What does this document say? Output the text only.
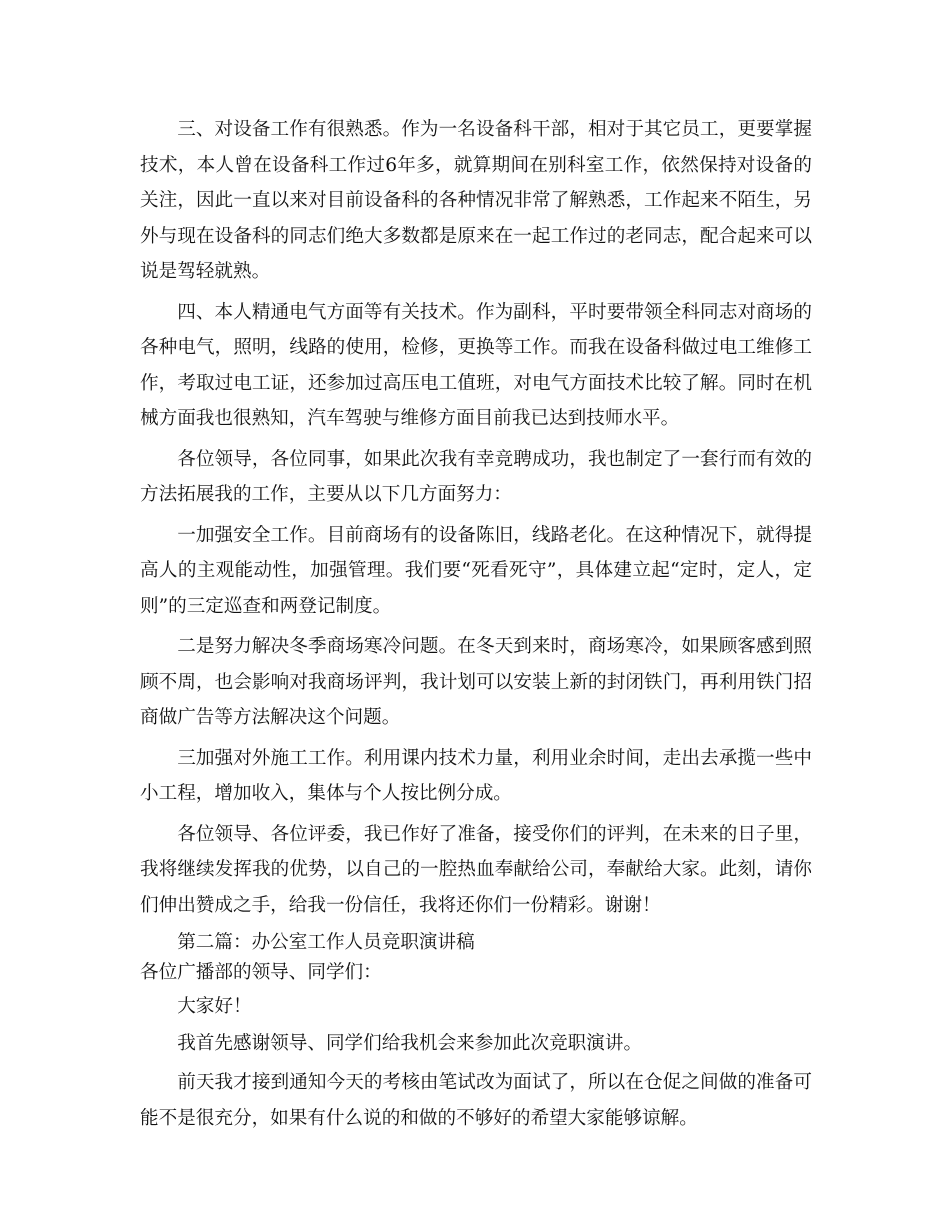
三、对设备工作有很熟悉。作为一名设备科干部，相对于其它员工，更要掌握技术，本人曾在设备科工作过6年多，就算期间在别科室工作，依然保持对设备的关注，因此一直以来对目前设备科的各种情况非常了解熟悉，工作起来不陌生，另外与现在设备科的同志们绝大多数都是原来在一起工作过的老同志，配合起来可以说是驾轻就熟。

四、本人精通电气方面等有关技术。作为副科，平时要带领全科同志对商场的各种电气，照明，线路的使用，检修，更换等工作。而我在设备科做过电工维修工作，考取过电工证，还参加过高压电工值班，对电气方面技术比较了解。同时在机械方面我也很熟知，汽车驾驶与维修方面目前我已达到技师水平。

各位领导，各位同事，如果此次我有幸竞聘成功，我也制定了一套行而有效的方法拓展我的工作，主要从以下几方面努力：

一加强安全工作。目前商场有的设备陈旧，线路老化。在这种情况下，就得提高人的主观能动性，加强管理。我们要“死看死守”，具体建立起“定时，定人，定则”的三定巡查和两登记制度。

二是努力解决冬季商场寒冷问题。在冬天到来时，商场寒冷，如果顾客感到照顾不周，也会影响对我商场评判，我计划可以安装上新的封闭铁门，再利用铁门招商做广告等方法解决这个问题。

三加强对外施工工作。利用课内技术力量，利用业余时间，走出去承揽一些中小工程，增加收入，集体与个人按比例分成。

各位领导、各位评委，我已作好了准备，接受你们的评判，在未来的日子里，我将继续发挥我的优势，以自己的一腔热血奉献给公司，奉献给大家。此刻，请你们伸出赞成之手，给我一份信任，我将还你们一份精彩。谢谢！

第二篇：办公室工作人员竞职演讲稿

各位广播部的领导、同学们：

大家好！

我首先感谢领导、同学们给我机会来参加此次竞职演讲。

前天我才接到通知今天的考核由笔试改为面试了，所以在仓促之间做的准备可能不是很充分，如果有什么说的和做的不够好的希望大家能够谅解。
